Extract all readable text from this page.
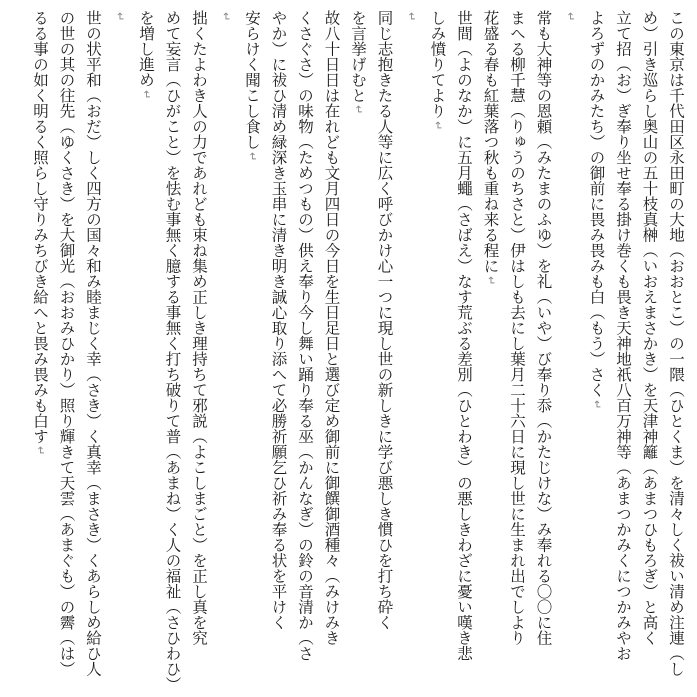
この東京は千代田区永田町の大地（おおとこ）の一隈（ひとくま）を清々しく祓い清め注連（し
め）引き巡らし奥山の五十枝真榊（いおえまさかき）を天津神籬（あまつひもろぎ）と高く
立て招（お）ぎ奉り坐せ奉る掛け巻くも畏き天神地祇八百万神等（あまつかみくにつかみやお
よろずのかみたち）の御前に畏み畏みも白（もう）さく↵
↵
常も大神等の恩頼（みたまのふゆ）を礼（いや）び奉り忝（かたじけな）み奉れる〇〇に住
まへる柳千慧（りゅうのちさと）伊はしも去にし葉月二十六日に現し世に生まれ出でしより
花盛る春も紅葉落つ秋も重ね来る程に↵
世間（よのなか）に五月蠅（さばえ）なす荒ぶる差別（ひとわき）の悪しきわざに憂い嘆き悲
しみ憤りてより↵
↵
同じ志抱きたる人等に広く呼びかけ心一つに現し世の新しきに学び悪しき慣ひを打ち砕く
を言挙げむと↵
故八十日日は在れども文月四日の今日を生日足日と選び定め御前に御饌御酒種々（みけみき
くさぐさ）の味物（ためつもの）供え奉り今し舞い踊り奉る巫（かんなぎ）の鈴の音清か（さ
やか）に祓ひ清め緑深き玉串に清き明き誠心取り添へて必勝祈願乞ひ祈み奉る状を平けく
安らけく聞こし食し↵
↵
拙くたよわき人の力であれども束ね集め正しき理持ちて邪説（よこしまごと）を正し真を究
めて妄言（ひがこと）を怯む事無く臆する事無く打ち破りて普（あまね）く人の福祉（さひわひ）
を増し進め↵
↵
世の状平和（おだ）しく四方の国々和み睦まじく幸（さき）く真幸（まさき）くあらしめ給ひ人
の世の其の往先（ゆくさき）を大御光（おおみひかり）照り輝きて天雲（あまぐも）の霽（は）
るる事の如く明るく照らし守りみちびき給へと畏み畏みも白す↵
